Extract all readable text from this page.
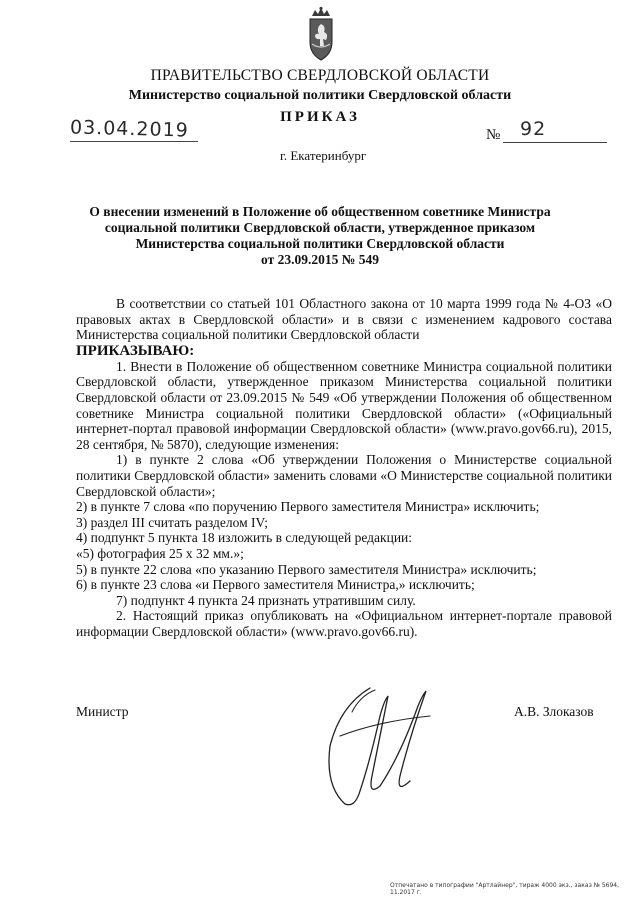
ПРАВИТЕЛЬСТВО СВЕРДЛОВСКОЙ ОБЛАСТИ
Министерство социальной политики Свердловской области
ПРИКАЗ
03.04.2019	№ 92
г. Екатеринбург
О внесении изменений в Положение об общественном советнике Министра
социальной политики Свердловской области, утвержденное приказом
Министерства социальной политики Свердловской области
от 23.09.2015 № 549

В соответствии со статьей 101 Областного закона от 10 марта 1999 года № 4-ОЗ «О правовых актах в Свердловской области» и в связи с изменением кадрового состава Министерства социальной политики Свердловской области

ПРИКАЗЫВАЮ:

1. Внести в Положение об общественном советнике Министра социальной политики Свердловской области, утвержденное приказом Министерства социальной политики Свердловской области от 23.09.2015 № 549 «Об утверждении Положения об общественном советнике Министра социальной политики Свердловской области» («Официальный интернет-портал правовой информации Свердловской области» (www.pravo.gov66.ru), 2015, 28 сентября, № 5870), следующие изменения:

1) в пункте 2 слова «Об утверждении Положения о Министерстве социальной политики Свердловской области» заменить словами «О Министерстве социальной политики Свердловской области»;

2) в пункте 7 слова «по поручению Первого заместителя Министра» исключить;

3) раздел III считать разделом IV;

4) подпункт 5 пункта 18 изложить в следующей редакции:

«5) фотография 25 х 32 мм.»;

5) в пункте 22 слова «по указанию Первого заместителя Министра» исключить;

6) в пункте 23 слова «и Первого заместителя Министра,» исключить;

7) подпункт 4 пункта 24 признать утратившим силу.

2. Настоящий приказ опубликовать на «Официальном интернет-портале правовой информации Свердловской области» (www.pravo.gov66.ru).

Министр	А.В. Злоказов
Отпечатано в типографии "Артлайнер", тираж 4000 экз., заказ № 5694, 11.2017 г.
